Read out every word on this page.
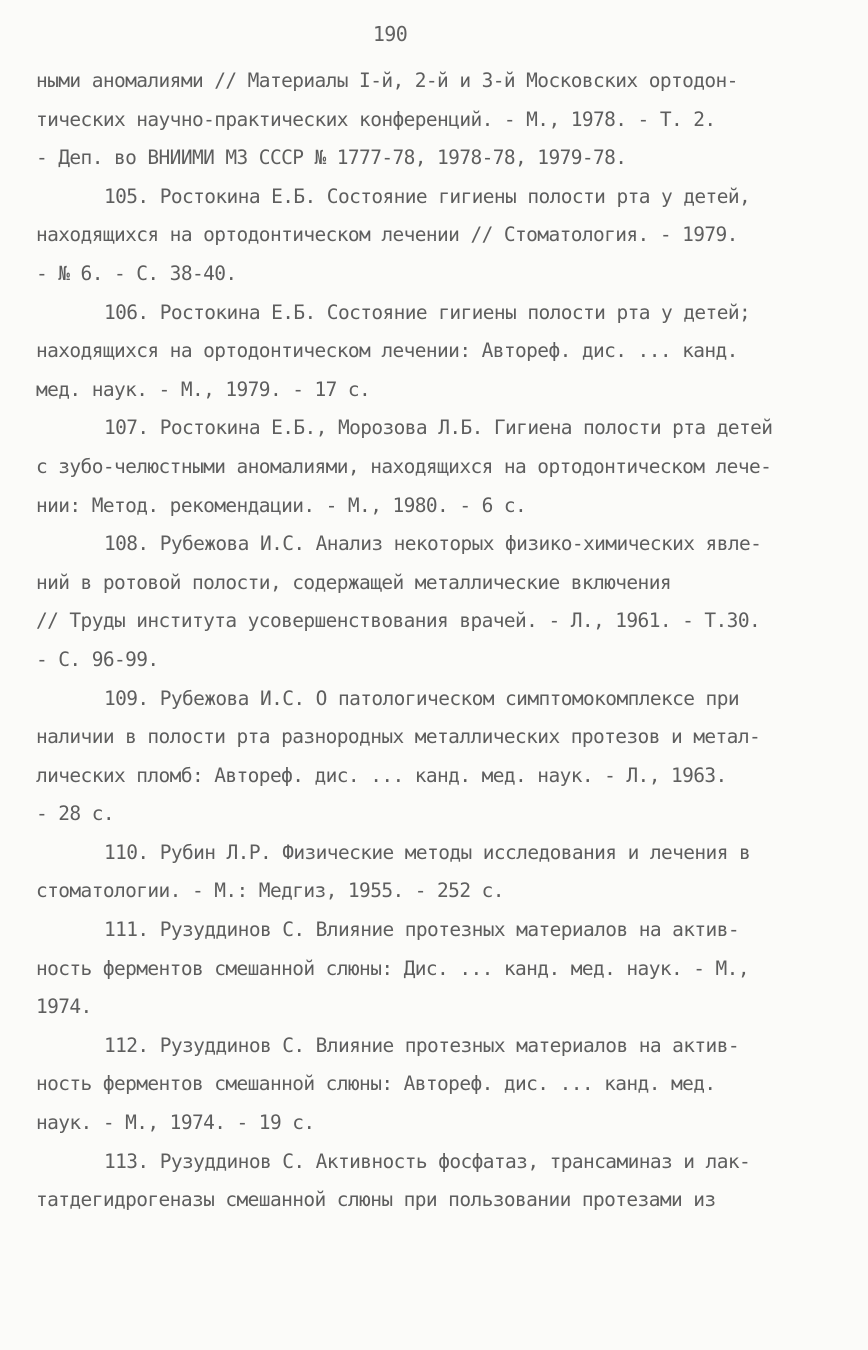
190
ными аномалиями // Материалы I-й, 2-й и 3-й Московских ортодон-
тических научно-практических конференций. - М., 1978. - Т. 2.
- Деп. во ВНИИМИ МЗ СССР № 1777-78, 1978-78, 1979-78.
105. Ростокина Е.Б. Состояние гигиены полости рта у детей,
находящихся на ортодонтическом лечении // Стоматология. - 1979.
- № 6. - С. 38-40.
106. Ростокина Е.Б. Состояние гигиены полости рта у детей;
находящихся на ортодонтическом лечении: Автореф. дис. ... канд.
мед. наук. - М., 1979. - 17 с.
107. Ростокина Е.Б., Морозова Л.Б. Гигиена полости рта детей
с зубо-челюстными аномалиями, находящихся на ортодонтическом лече-
нии: Метод. рекомендации. - М., 1980. - 6 с.
108. Рубежова И.С. Анализ некоторых физико-химических явле-
ний в ротовой полости, содержащей металлические включения
// Труды института усовершенствования врачей. - Л., 1961. - Т.30.
- С. 96-99.
109. Рубежова И.С. О патологическом симптомокомплексе при
наличии в полости рта разнородных металлических протезов и метал-
лических пломб: Автореф. дис. ... канд. мед. наук. - Л., 1963.
- 28 с.
110. Рубин Л.Р. Физические методы исследования и лечения в
стоматологии. - М.: Медгиз, 1955. - 252 с.
111. Рузуддинов С. Влияние протезных материалов на актив-
ность ферментов смешанной слюны: Дис. ... канд. мед. наук. - М.,
1974.
112. Рузуддинов С. Влияние протезных материалов на актив-
ность ферментов смешанной слюны: Автореф. дис. ... канд. мед.
наук. - М., 1974. - 19 с.
113. Рузуддинов С. Активность фосфатаз, трансаминаз и лак-
татдегидрогеназы смешанной слюны при пользовании протезами из
